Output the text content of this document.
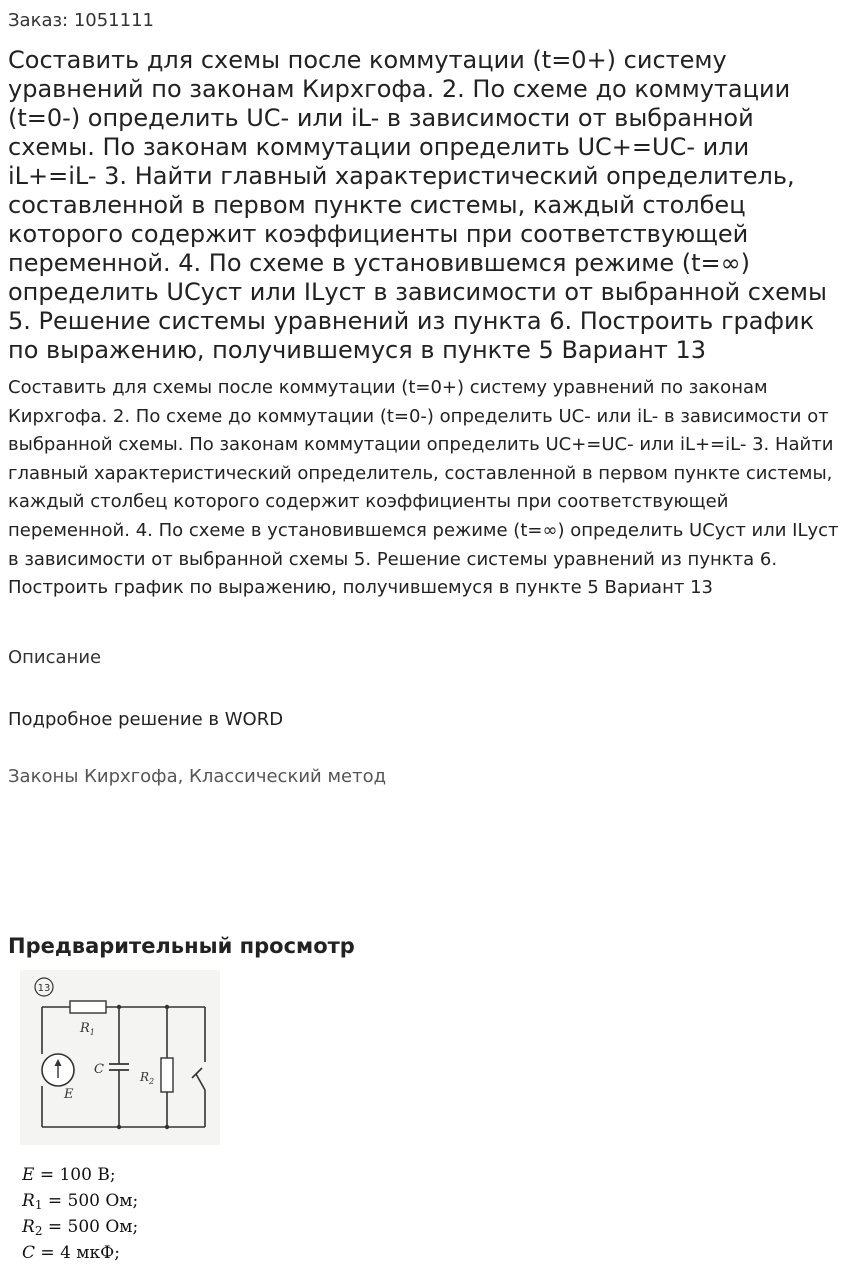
Заказ: 1051111
Составить для схемы после коммутации (t=0+) систему уравнений по законам Кирхгофа. 2. По схеме до коммутации (t=0-) определить UC- или iL- в зависимости от выбранной схемы. По законам коммутации определить UC+=UC- или iL+=iL- 3. Найти главный характеристический определитель, составленной в первом пункте системы, каждый столбец которого содержит коэффициенты при соответствующей переменной. 4. По схеме в установившемся режиме (t=∞) определить UCуст или ILуст в зависимости от выбранной схемы 5. Решение системы уравнений из пункта 6. Построить график по выражению, получившемуся в пункте 5 Вариант 13
Составить для схемы после коммутации (t=0+) систему уравнений по законам Кирхгофа. 2. По схеме до коммутации (t=0-) определить UC- или iL- в зависимости от выбранной схемы. По законам коммутации определить UC+=UC- или iL+=iL- 3. Найти главный характеристический определитель, составленной в первом пункте системы, каждый столбец которого содержит коэффициенты при соответствующей переменной. 4. По схеме в установившемся режиме (t=∞) определить UCуст или ILуст в зависимости от выбранной схемы 5. Решение системы уравнений из пункта 6. Построить график по выражению, получившемуся в пункте 5 Вариант 13
Описание
Подробное решение в WORD
Законы Кирхгофа, Классический метод
Предварительный просмотр
13
$R_1$
C	$R_2$
E
E = 100 В;
$R_1 = 500$ Ом;
$R_2 = 500$ Ом;
C = 4 мкФ;
